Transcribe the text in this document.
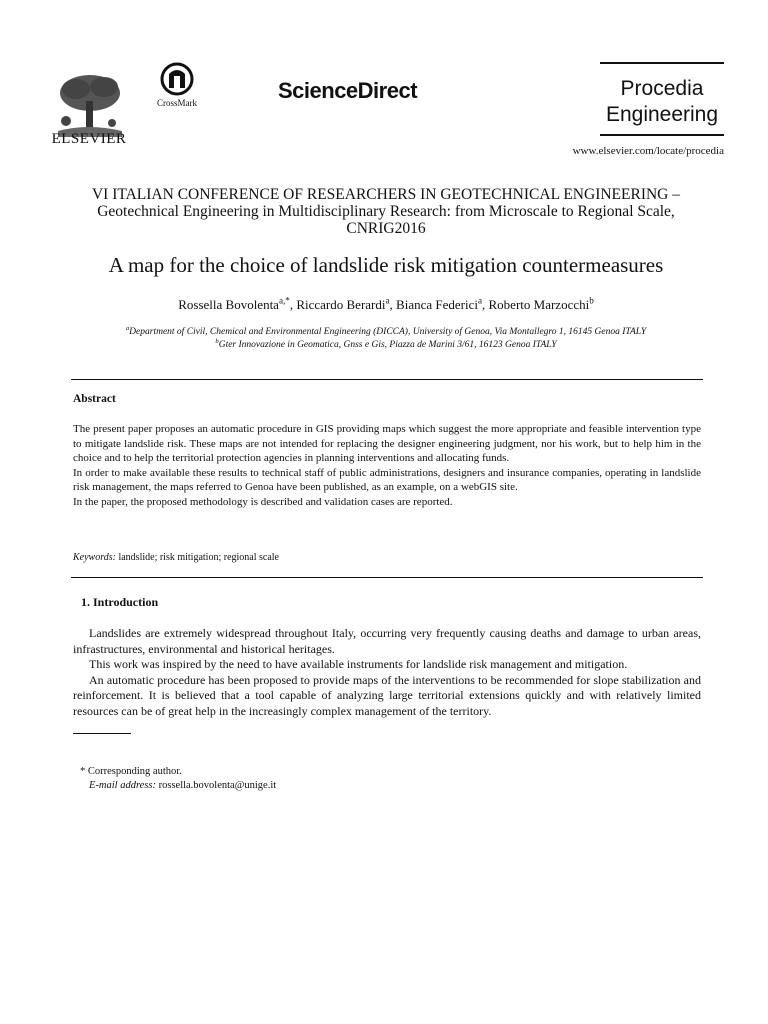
ELSEVIER
CrossMark	ScienceDirect	Procedia
Engineering
www.elsevier.com/locate/procedia
VI ITALIAN CONFERENCE OF RESEARCHERS IN GEOTECHNICAL ENGINEERING –
Geotechnical Engineering in Multidisciplinary Research: from Microscale to Regional Scale,
CNRIG2016
A map for the choice of landslide risk mitigation countermeasures
Rossella Bovolenta$^{a,*}$, Riccardo Berardi$^a$, Bianca Federici$^a$, Roberto Marzocchi$^b$
$^a$Department of Civil, Chemical and Environmental Engineering (DICCA), University of Genoa, Via Montallegro 1, 16145 Genoa ITALY
$^b$Gter Innovazione in Geomatica, Gnss e Gis, Piazza de Marini 3/61, 16123 Genoa ITALY
Abstract

The present paper proposes an automatic procedure in GIS providing maps which suggest the more appropriate and feasible intervention type to mitigate landslide risk. These maps are not intended for replacing the designer engineering judgment, nor his work, but to help him in the choice and to help the territorial protection agencies in planning interventions and allocating funds.

In order to make available these results to technical staff of public administrations, designers and insurance companies, operating in landslide risk management, the maps referred to Genoa have been published, as an example, on a webGIS site.

In the paper, the proposed methodology is described and validation cases are reported.

Keywords: landslide; risk mitigation; regional scale
1. Introduction

Landslides are extremely widespread throughout Italy, occurring very frequently causing deaths and damage to urban areas, infrastructures, environmental and historical heritages.

This work was inspired by the need to have available instruments for landslide risk management and mitigation.

An automatic procedure has been proposed to provide maps of the interventions to be recommended for slope stabilization and reinforcement. It is believed that a tool capable of analyzing large territorial extensions quickly and with relatively limited resources can be of great help in the increasingly complex management of the territory.

* Corresponding author.
E-mail address: rossella.bovolenta@unige.it
